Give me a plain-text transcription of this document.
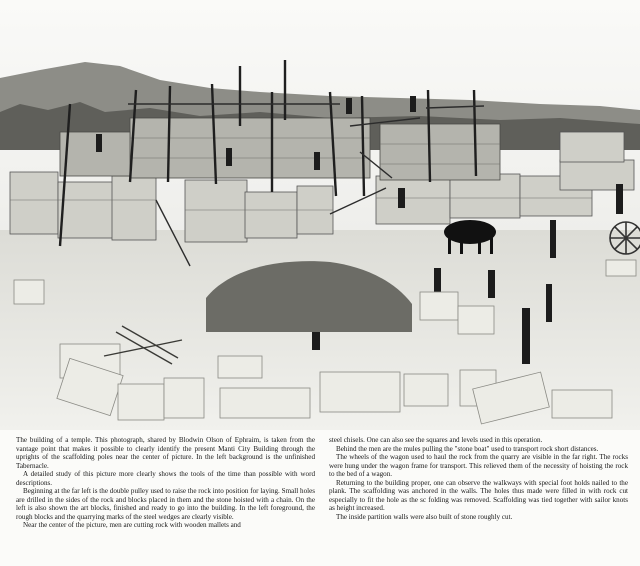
The building of a temple. This photograph, shared by Blodwin Olson of Ephraim, is taken from the vantage point that makes it possible to clearly identify the present Manti City Building through the uprights of the scaffolding poles near the center of picture. In the left background is the unfinished Tabernacle.

A detailed study of this picture more clearly shows the tools of the time than possible with word descriptions.

Beginning at the far left is the double pulley used to raise the rock into position for laying. Small holes are drilled in the sides of the rock and blocks placed in them and the stone hoisted with a chain. On the left is also shown the art blocks, finished and ready to go into the building. In the left foreground, the rough blocks and the quarrying marks of the steel wedges are clearly visible.

Near the center of the picture, men are cutting rock with wooden mallets and

steel chisels. One can also see the squares and levels used in this operation.

Behind the men are the mules pulling the "stone boat" used to transport rock short distances.

The wheels of the wagon used to haul the rock from the quarry are visible in the far right. The rocks were hung under the wagon frame for transport. This relieved them of the necessity of hoisting the rock to the bed of a wagon.

Returning to the building proper, one can observe the walkways with special foot holds nailed to the plank. The scaffolding was anchored in the walls. The holes thus made were filled in with rock cut especially to fit the hole as the sc folding was removed. Scaffolding was tied together with sailor knots as height increased.

The inside partition walls were also built of stone roughly cut.
